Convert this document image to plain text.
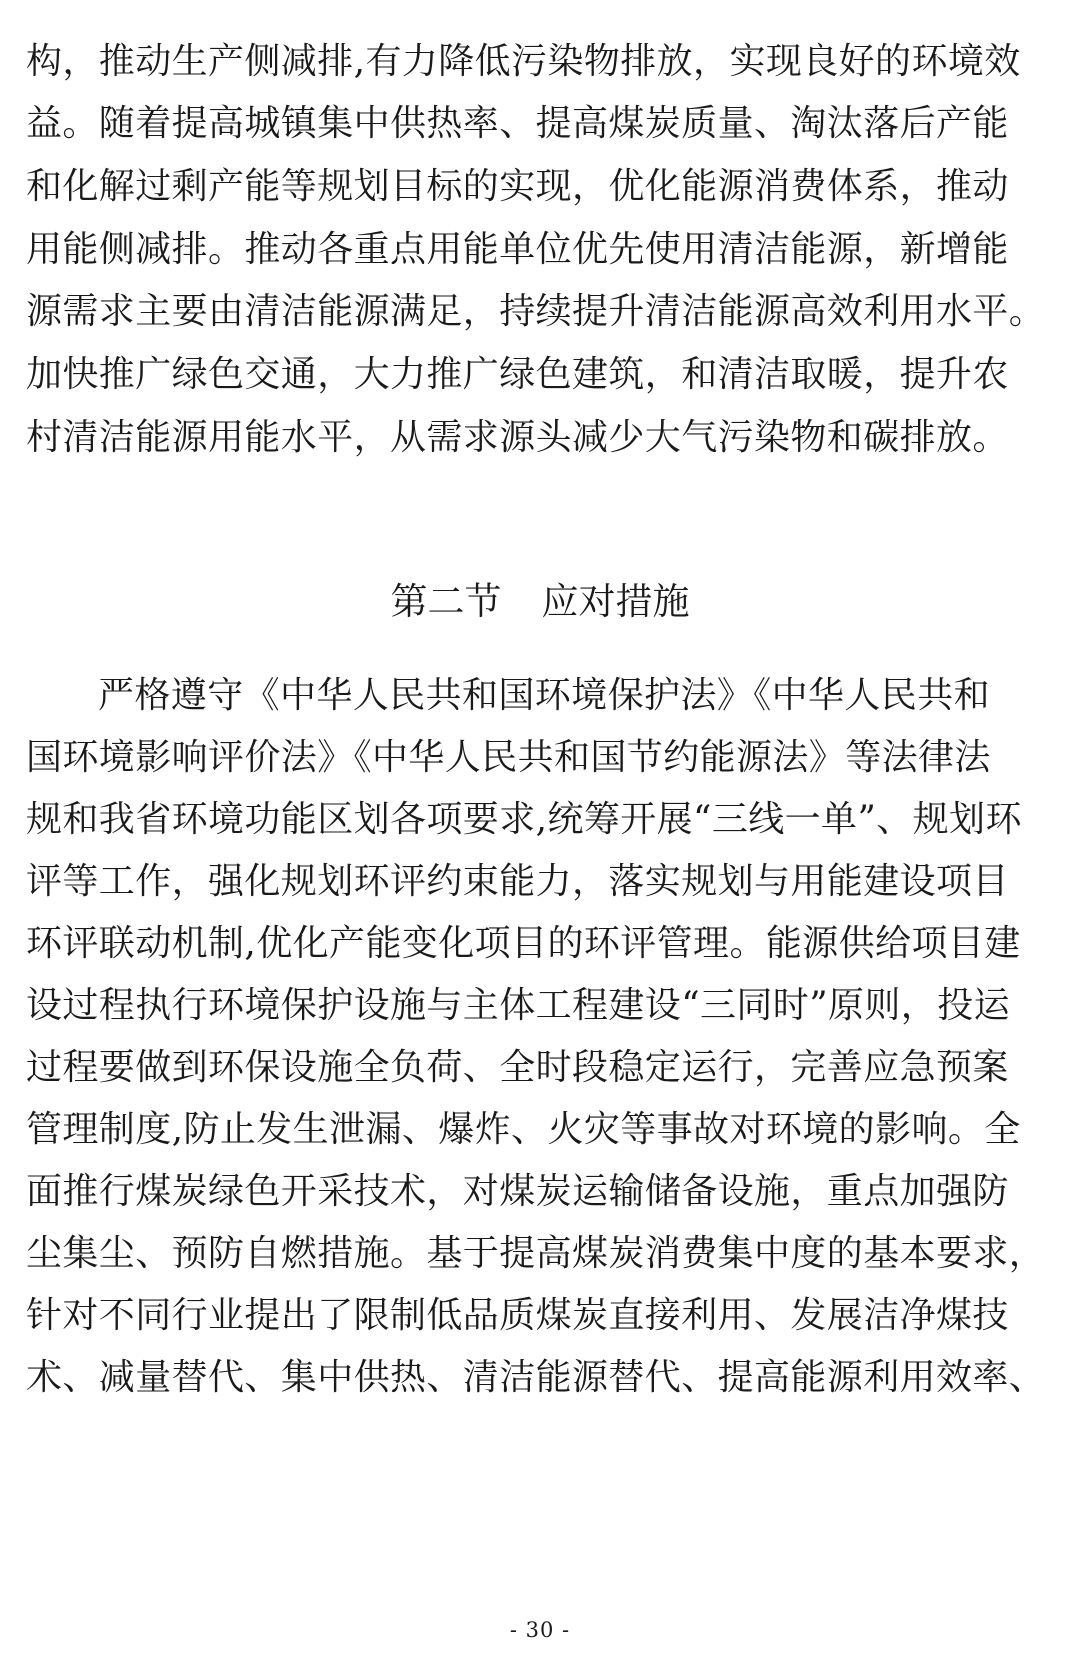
构，推动生产侧减排,有力降低污染物排放，实现良好的环境效
益。随着提高城镇集中供热率、提高煤炭质量、淘汰落后产能
和化解过剩产能等规划目标的实现，优化能源消费体系，推动
用能侧减排。推动各重点用能单位优先使用清洁能源，新增能
源需求主要由清洁能源满足，持续提升清洁能源高效利用水平。
加快推广绿色交通，大力推广绿色建筑，和清洁取暖，提升农
村清洁能源用能水平，从需求源头减少大气污染物和碳排放。
第二节 应对措施
严格遵守《中华人民共和国环境保护法》《中华人民共和
国环境影响评价法》《中华人民共和国节约能源法》等法律法
规和我省环境功能区划各项要求,统筹开展“三线一单”、规划环
评等工作，强化规划环评约束能力，落实规划与用能建设项目
环评联动机制,优化产能变化项目的环评管理。能源供给项目建
设过程执行环境保护设施与主体工程建设“三同时”原则，投运
过程要做到环保设施全负荷、全时段稳定运行，完善应急预案
管理制度,防止发生泄漏、爆炸、火灾等事故对环境的影响。全
面推行煤炭绿色开采技术，对煤炭运输储备设施，重点加强防
尘集尘、预防自燃措施。基于提高煤炭消费集中度的基本要求，
针对不同行业提出了限制低品质煤炭直接利用、发展洁净煤技
术、减量替代、集中供热、清洁能源替代、提高能源利用效率、
- 30 -
